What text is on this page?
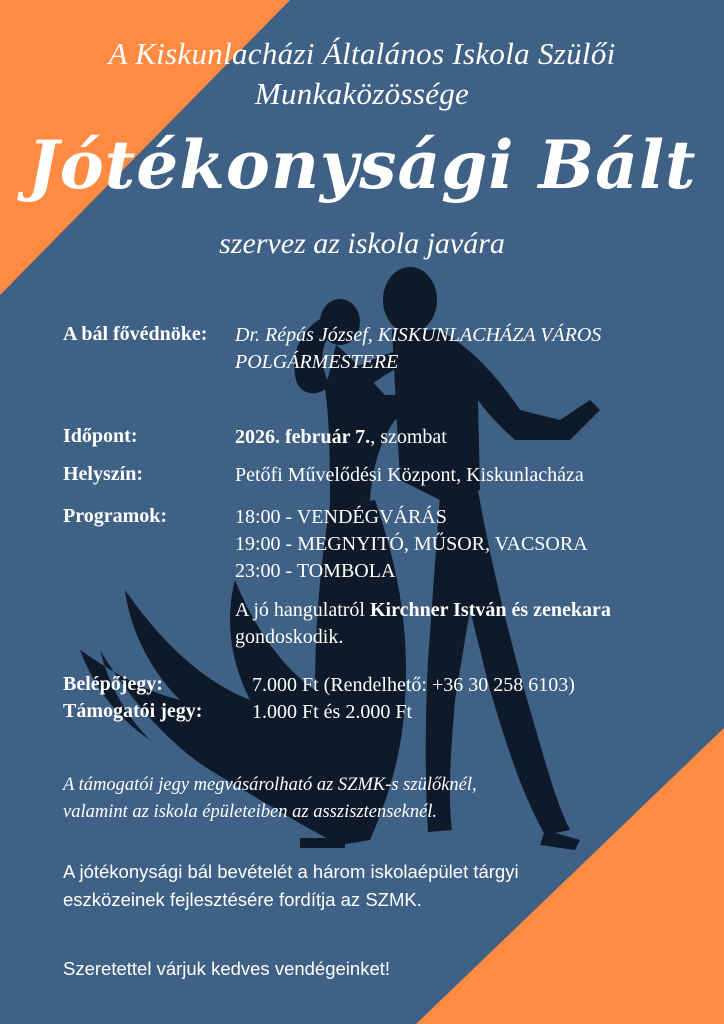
A Kiskunlacházi Általános Iskola Szülői
Munkaközössége
Jótékonysági Bált
szervez az iskola javára
A bál fővédnöke: Dr. Répás József, KISKUNLACHÁZA VÁROS
POLGÁRMESTERE
Időpont:	2026. február 7., szombat
Helyszín:	Petőfi Művelődési Központ, Kiskunlacháza
Programok:	18:00 - VENDÉGVÁRÁS
19:00 - MEGNYITÓ, MŰSOR, VACSORA
23:00 - TOMBOLA
A jó hangulatról Kirchner István és zenekara
gondoskodik.
Belépőjegy:	7.000 Ft (Rendelhető: +36 30 258 6103)
Támogatói jegy: 1.000 Ft és 2.000 Ft
A támogatói jegy megvásárolható az SZMK-s szülőknél,
valamint az iskola épületeiben az asszisztenseknél.
A jótékonysági bál bevételét a három iskolaépület tárgyi
eszközeinek fejlesztésére fordítja az SZMK.
Szeretettel várjuk kedves vendégeinket!
